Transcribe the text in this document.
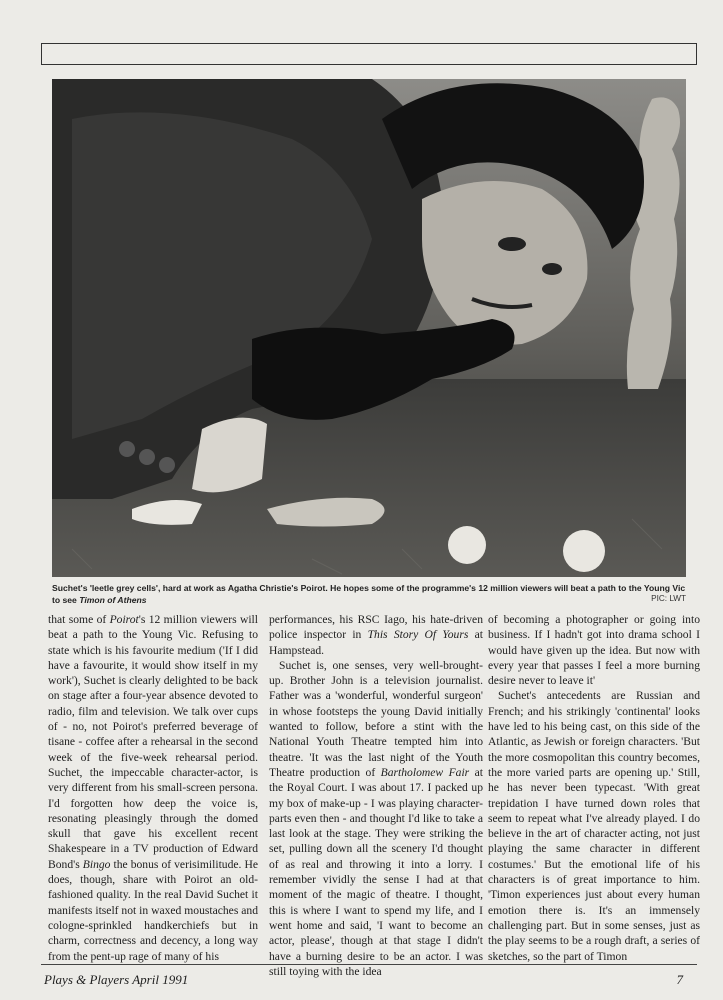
Suchet's 'leetle grey cells', hard at work as Agatha Christie's Poirot. He hopes some of the programme's 12 million viewers will beat a path to the Young Vic to see Timon of Athens	PIC: LWT

that some of Poirot's 12 million viewers will beat a path to the Young Vic. Refusing to state which is his favourite medium ('If I did have a favourite, it would show itself in my work'), Suchet is clearly delighted to be back on stage after a four-year absence devoted to radio, film and television. We talk over cups of - no, not Poirot's preferred beverage of tisane - coffee after a rehearsal in the second week of the five-week rehearsal period. Suchet, the impeccable character-actor, is very different from his small-screen persona. I'd forgotten how deep the voice is, resonating pleasingly through the domed skull that gave his excellent recent Shakespeare in a TV production of Edward Bond's Bingo the bonus of verisimilitude. He does, though, share with Poirot an old-fashioned quality. In the real David Suchet it manifests itself not in waxed moustaches and cologne-sprinkled handkerchiefs but in charm, correctness and decency, a long way from the pent-up rage of many of his

performances, his RSC Iago, his hate-driven police inspector in This Story Of Yours at Hampstead.

Suchet is, one senses, very well-brought-up. Brother John is a television journalist. Father was a 'wonderful, wonderful surgeon' in whose footsteps the young David initially wanted to follow, before a stint with the National Youth Theatre tempted him into theatre. 'It was the last night of the Youth Theatre production of Bartholomew Fair at the Royal Court. I was about 17. I packed up my box of make-up - I was playing character-parts even then - and thought I'd like to take a last look at the stage. They were striking the set, pulling down all the scenery I'd thought of as real and throwing it into a lorry. I remember vividly the sense I had at that moment of the magic of theatre. I thought, this is where I want to spend my life, and I went home and said, 'I want to become an actor, please', though at that stage I didn't have a burning desire to be an actor. I was still toying with the idea

of becoming a photographer or going into business. If I hadn't got into drama school I would have given up the idea. But now with every year that passes I feel a more burning desire never to leave it'

Suchet's antecedents are Russian and French; and his strikingly 'continental' looks have led to his being cast, on this side of the Atlantic, as Jewish or foreign characters. 'But the more cosmopolitan this country becomes, the more varied parts are opening up.' Still, he has never been typecast. 'With great trepidation I have turned down roles that seem to repeat what I've already played. I do believe in the art of character acting, not just playing the same character in different costumes.' But the emotional life of his characters is of great importance to him. 'Timon experiences just about every human emotion there is. It's an immensely challenging part. But in some senses, just as the play seems to be a rough draft, a series of sketches, so the part of Timon

Plays & Players April 1991	7
